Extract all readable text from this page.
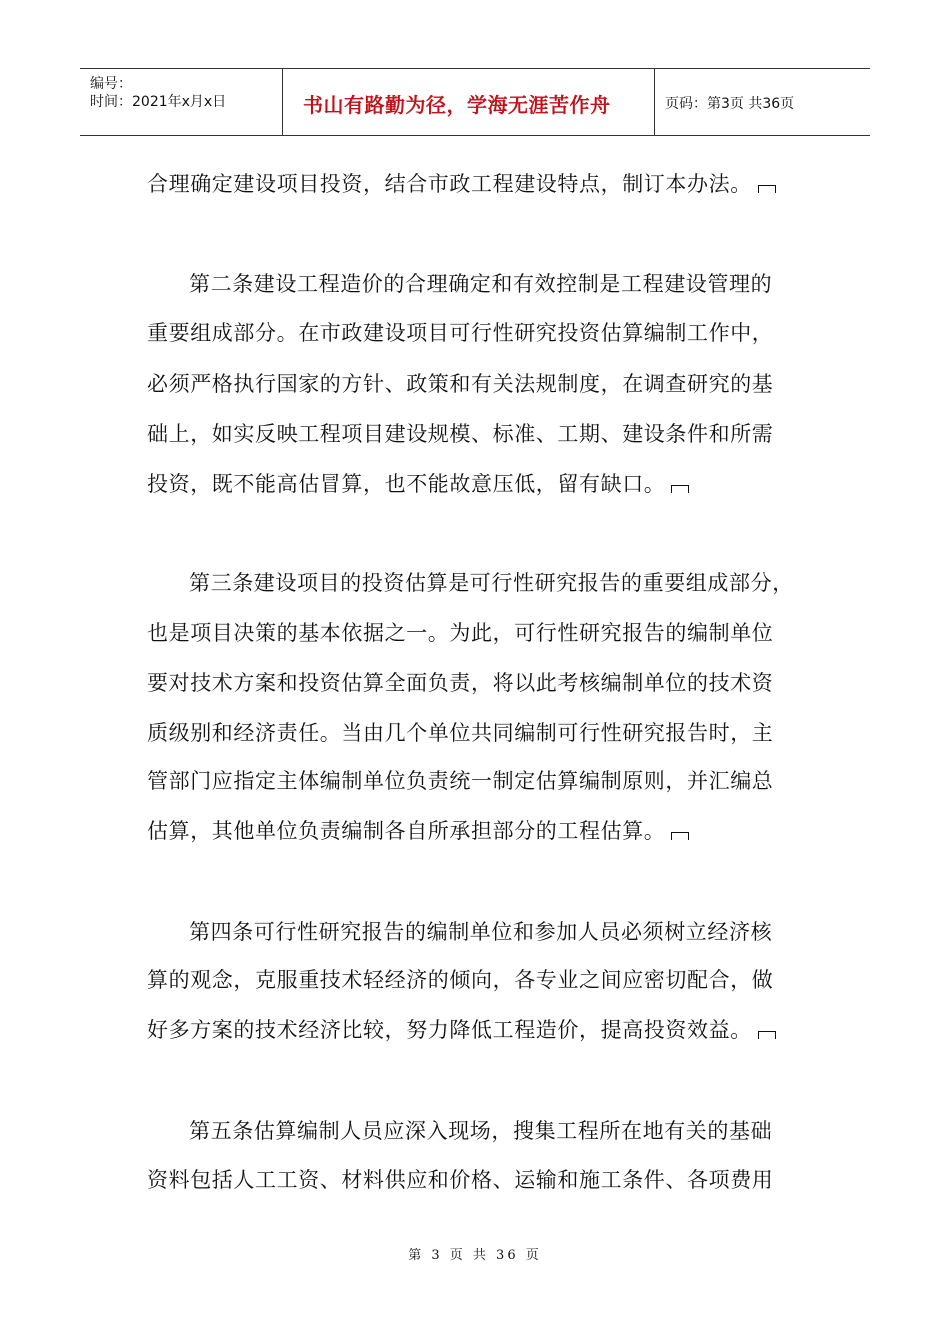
编号：
时间：2021年x月x日	书山有路勤为径，学海无涯苦作舟	页码：第3页 共36页
合理确定建设项目投资，结合市政工程建设特点，制订本办法。
第二条建设工程造价的合理确定和有效控制是工程建设管理的
重要组成部分。在市政建设项目可行性研究投资估算编制工作中，
必须严格执行国家的方针、政策和有关法规制度，在调查研究的基
础上，如实反映工程项目建设规模、标准、工期、建设条件和所需
投资，既不能高估冒算，也不能故意压低，留有缺口。
第三条建设项目的投资估算是可行性研究报告的重要组成部分，
也是项目决策的基本依据之一。为此，可行性研究报告的编制单位
要对技术方案和投资估算全面负责，将以此考核编制单位的技术资
质级别和经济责任。当由几个单位共同编制可行性研究报告时，主
管部门应指定主体编制单位负责统一制定估算编制原则，并汇编总
估算，其他单位负责编制各自所承担部分的工程估算。
第四条可行性研究报告的编制单位和参加人员必须树立经济核
算的观念，克服重技术轻经济的倾向，各专业之间应密切配合，做
好多方案的技术经济比较，努力降低工程造价，提高投资效益。
第五条估算编制人员应深入现场，搜集工程所在地有关的基础
资料包括人工工资、材料供应和价格、运输和施工条件、各项费用
第 3 页 共 36 页
